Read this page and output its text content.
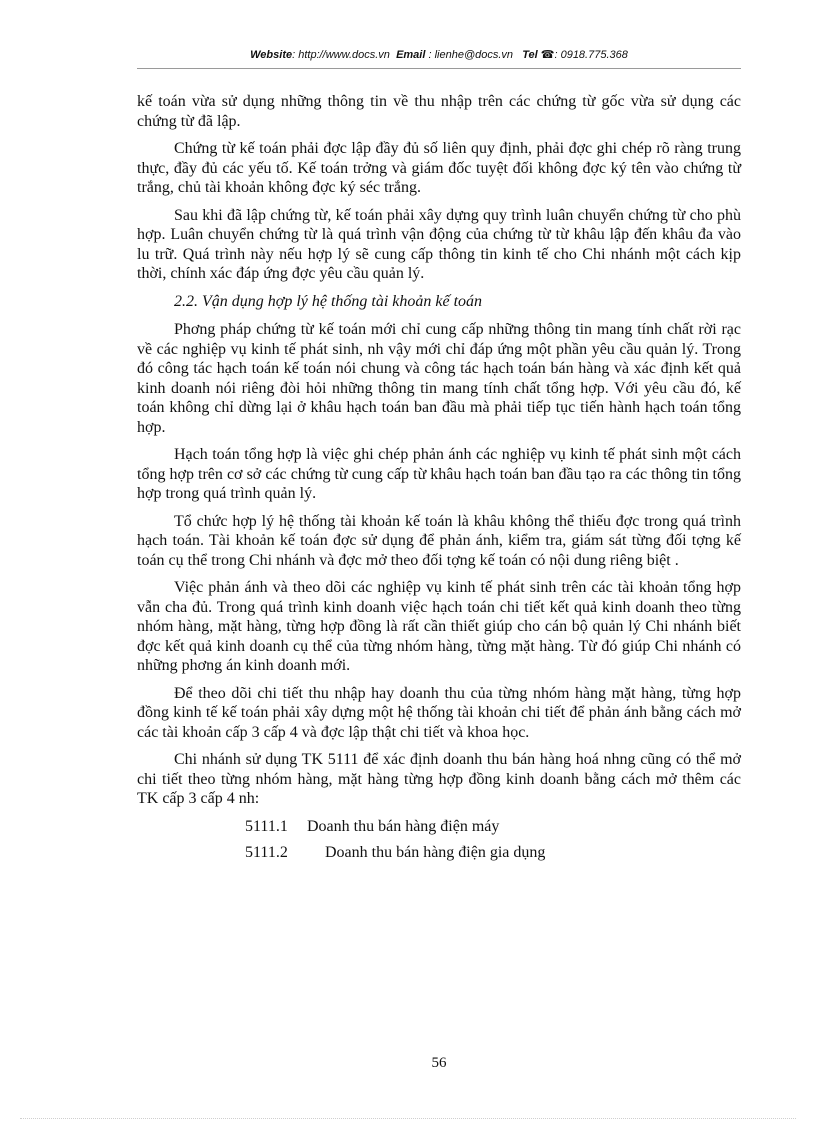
Website: http://www.docs.vn Email : lienhe@docs.vn Tel ☎: 0918.775.368

kế toán vừa sử dụng những thông tin về thu nhập trên các chứng từ gốc vừa sử dụng các chứng từ đã lập.

Chứng từ kế toán phải đợc lập đầy đủ số liên quy định, phải đợc ghi chép rõ ràng trung thực, đầy đủ các yếu tố. Kế toán trởng và giám đốc tuyệt đối không đợc ký tên vào chứng từ trắng, chủ tài khoản không đợc ký séc trắng.

Sau khi đã lập chứng từ, kế toán phải xây dựng quy trình luân chuyển chứng từ cho phù hợp. Luân chuyển chứng từ là quá trình vận động của chứng từ từ khâu lập đến khâu đa vào lu trữ. Quá trình này nếu hợp lý sẽ cung cấp thông tin kinh tế cho Chi nhánh một cách kịp thời, chính xác đáp ứng đợc yêu cầu quản lý.

2.2. Vận dụng hợp lý hệ thống tài khoản kế toán

Phơng pháp chứng từ kế toán mới chỉ cung cấp những thông tin mang tính chất rời rạc về các nghiệp vụ kinh tế phát sinh, nh vậy mới chỉ đáp ứng một phần yêu cầu quản lý. Trong đó công tác hạch toán kế toán nói chung và công tác hạch toán bán hàng và xác định kết quả kinh doanh nói riêng đòi hỏi những thông tin mang tính chất tổng hợp. Với yêu cầu đó, kế toán không chỉ dừng lại ở khâu hạch toán ban đầu mà phải tiếp tục tiến hành hạch toán tổng hợp.

Hạch toán tổng hợp là việc ghi chép phản ánh các nghiệp vụ kinh tế phát sinh một cách tổng hợp trên cơ sở các chứng từ cung cấp từ khâu hạch toán ban đầu tạo ra các thông tin tổng hợp trong quá trình quản lý.

Tổ chức hợp lý hệ thống tài khoản kế toán là khâu không thể thiếu đợc trong quá trình hạch toán. Tài khoản kế toán đợc sử dụng để phản ánh, kiểm tra, giám sát từng đối tợng kế toán cụ thể trong Chi nhánh và đợc mở theo đối tợng kế toán có nội dung riêng biệt .

Việc phản ánh và theo dõi các nghiệp vụ kinh tế phát sinh trên các tài khoản tổng hợp vẫn cha đủ. Trong quá trình kinh doanh việc hạch toán chi tiết kết quả kinh doanh theo từng nhóm hàng, mặt hàng, từng hợp đồng là rất cần thiết giúp cho cán bộ quản lý Chi nhánh biết đợc kết quả kinh doanh cụ thể của từng nhóm hàng, từng mặt hàng. Từ đó giúp Chi nhánh có những phơng án kinh doanh mới.

Để theo dõi chi tiết thu nhập hay doanh thu của từng nhóm hàng mặt hàng, từng hợp đồng kinh tế kế toán phải xây dựng một hệ thống tài khoản chi tiết để phản ánh bằng cách mở các tài khoản cấp 3 cấp 4 và đợc lập thật chi tiết và khoa học.

Chi nhánh sử dụng TK 5111 để xác định doanh thu bán hàng hoá nhng cũng có thể mở chi tiết theo từng nhóm hàng, mặt hàng từng hợp đồng kinh doanh bằng cách mở thêm các TK cấp 3 cấp 4 nh:

5111.1 Doanh thu bán hàng điện máy
5111.2 Doanh thu bán hàng điện gia dụng
56
